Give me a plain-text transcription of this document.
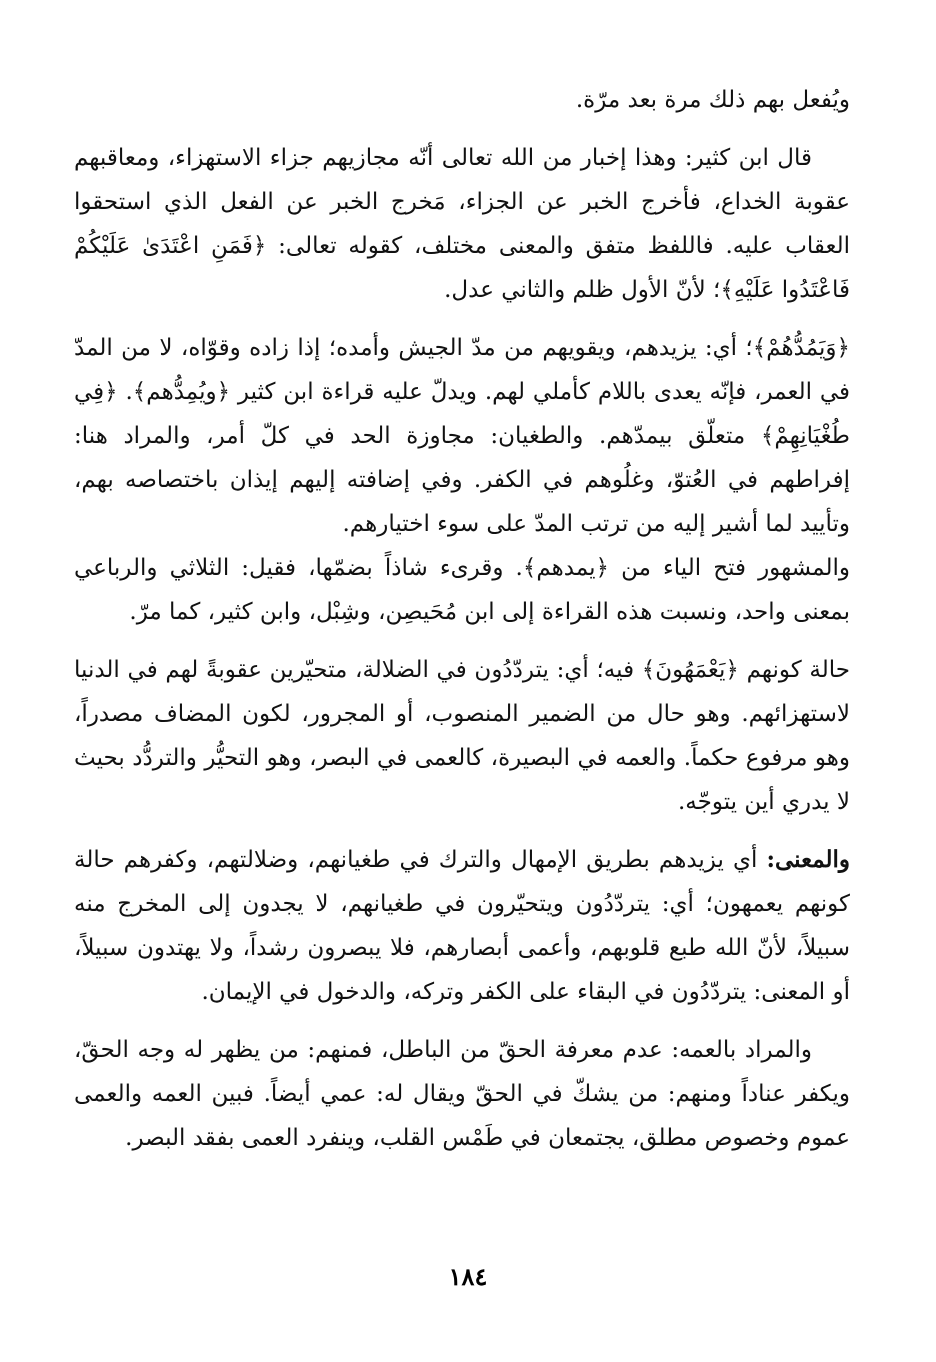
ويُفعل بهم ذلك مرة بعد مرّة.

قال ابن كثير: وهذا إخبار من الله تعالى أنّه مجازيهم جزاء الاستهزاء، ومعاقبهم عقوبة الخداع، فأخرج الخبر عن الجزاء، مَخرج الخبر عن الفعل الذي استحقوا العقاب عليه. فاللفظ متفق والمعنى مختلف، كقوله تعالى: ﴿فَمَنِ اعْتَدَىٰ عَلَيْكُمْ فَاعْتَدُوا عَلَيْهِ﴾؛ لأنّ الأول ظلم والثاني عدل.

﴿وَيَمُدُّهُمْ﴾؛ أي: يزيدهم، ويقويهم من مدّ الجيش وأمده؛ إذا زاده وقوّاه، لا من المدّ في العمر، فإنّه يعدى باللام كأملي لهم. ويدلّ عليه قراءة ابن كثير ﴿ويُمِدُّهم﴾. ﴿فِي طُغْيَانِهِمْ﴾ متعلّق بيمدّهم. والطغيان: مجاوزة الحد في كلّ أمر، والمراد هنا: إفراطهم في العُتوّ، وغلُوهم في الكفر. وفي إضافته إليهم إيذان باختصاصه بهم، وتأييد لما أشير إليه من ترتب المدّ على سوء اختيارهم.

والمشهور فتح الياء من ﴿يمدهم﴾. وقرىء شاذاً بضمّها، فقيل: الثلاثي والرباعي بمعنى واحد، ونسبت هذه القراءة إلى ابن مُحَيصِن، وشِبْل، وابن كثير، كما مرّ.

حالة كونهم ﴿يَعْمَهُونَ﴾ فيه؛ أي: يتردّدُون في الضلالة، متحيّرين عقوبةً لهم في الدنيا لاستهزائهم. وهو حال من الضمير المنصوب، أو المجرور، لكون المضاف مصدراً، وهو مرفوع حكماً. والعمه في البصيرة، كالعمى في البصر، وهو التحيُّر والتردُّد بحيث لا يدري أين يتوجّه.

والمعنى: أي يزيدهم بطريق الإمهال والترك في طغيانهم، وضلالتهم، وكفرهم حالة كونهم يعمهون؛ أي: يتردّدُون ويتحيّرون في طغيانهم، لا يجدون إلى المخرج منه سبيلاً، لأنّ الله طبع قلوبهم، وأعمى أبصارهم، فلا يبصرون رشداً، ولا يهتدون سبيلاً، أو المعنى: يتردّدُون في البقاء على الكفر وتركه، والدخول في الإيمان.

والمراد بالعمه: عدم معرفة الحقّ من الباطل، فمنهم: من يظهر له وجه الحقّ، ويكفر عناداً ومنهم: من يشكّ في الحقّ ويقال له: عمي أيضاً. فبين العمه والعمى عموم وخصوص مطلق، يجتمعان في طَمْس القلب، وينفرد العمى بفقد البصر.

١٨٤
